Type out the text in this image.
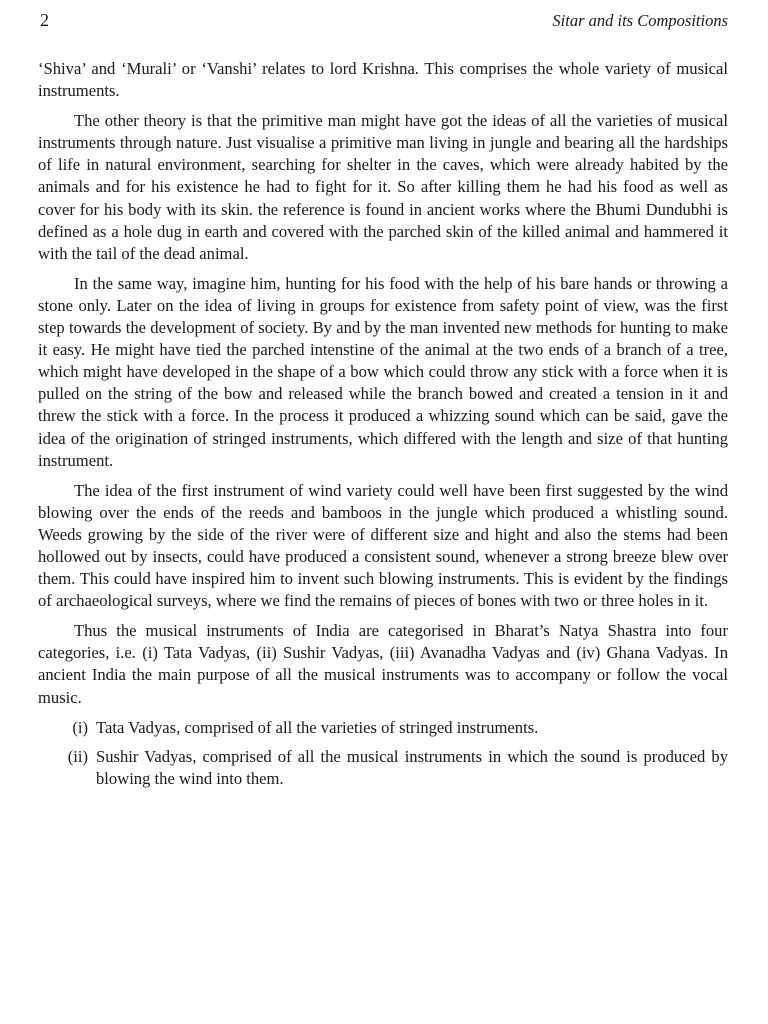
2	Sitar and its Compositions

‘Shiva’ and ‘Murali’ or ‘Vanshi’ relates to lord Krishna. This comprises the whole variety of musical instruments.

The other theory is that the primitive man might have got the ideas of all the varieties of musical instruments through nature. Just visualise a primitive man living in jungle and bearing all the hardships of life in natural environment, searching for shelter in the caves, which were already habited by the animals and for his existence he had to fight for it. So after killing them he had his food as well as cover for his body with its skin. the reference is found in ancient works where the Bhumi Dundubhi is defined as a hole dug in earth and covered with the parched skin of the killed animal and hammered it with the tail of the dead animal.

In the same way, imagine him, hunting for his food with the help of his bare hands or throwing a stone only. Later on the idea of living in groups for existence from safety point of view, was the first step towards the development of society. By and by the man invented new methods for hunting to make it easy. He might have tied the parched intenstine of the animal at the two ends of a branch of a tree, which might have developed in the shape of a bow which could throw any stick with a force when it is pulled on the string of the bow and released while the branch bowed and created a tension in it and threw the stick with a force. In the process it produced a whizzing sound which can be said, gave the idea of the origination of stringed instruments, which differed with the length and size of that hunting instrument.

The idea of the first instrument of wind variety could well have been first suggested by the wind blowing over the ends of the reeds and bamboos in the jungle which produced a whistling sound. Weeds growing by the side of the river were of different size and hight and also the stems had been hollowed out by insects, could have produced a consistent sound, whenever a strong breeze blew over them. This could have inspired him to invent such blowing instruments. This is evident by the findings of archaeological surveys, where we find the remains of pieces of bones with two or three holes in it.

Thus the musical instruments of India are categorised in Bharat’s Natya Shastra into four categories, i.e. (i) Tata Vadyas, (ii) Sushir Vadyas, (iii) Avanadha Vadyas and (iv) Ghana Vadyas. In ancient India the main purpose of all the musical instruments was to accompany or follow the vocal music.

(i) Tata Vadyas, comprised of all the varieties of stringed instruments.
(ii) Sushir Vadyas, comprised of all the musical instruments in which the sound is produced by blowing the wind into them.
